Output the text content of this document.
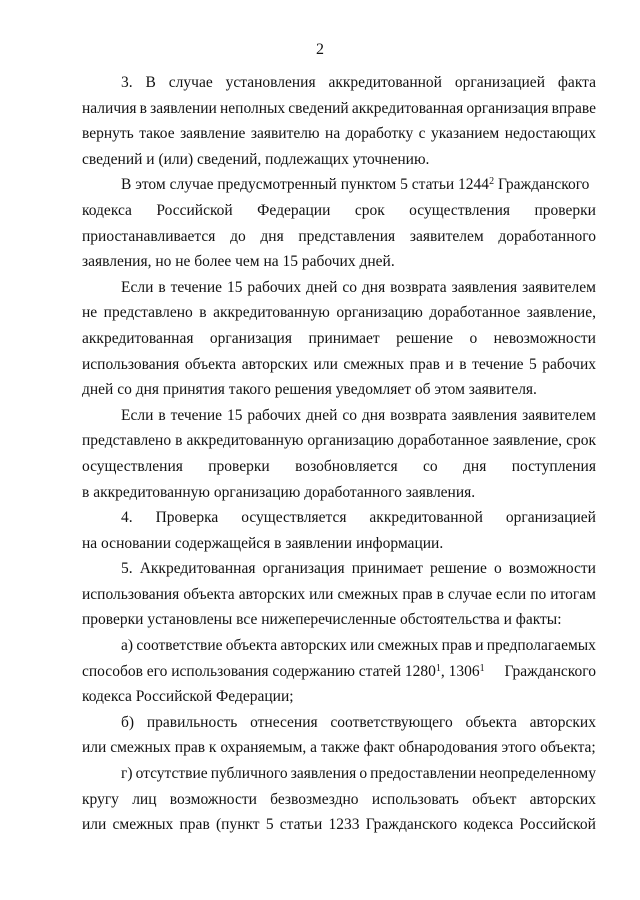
2
3. В случае установления аккредитованной организацией факта
наличия в заявлении неполных сведений аккредитованная организация вправе
вернуть такое заявление заявителю на доработку с указанием недостающих
сведений и (или) сведений, подлежащих уточнению.
В этом случае предусмотренный пунктом 5 статьи 1244$^2$ Гражданского
кодекса Российской Федерации срок осуществления проверки
приостанавливается до дня представления заявителем доработанного
заявления, но не более чем на 15 рабочих дней.
Если в течение 15 рабочих дней со дня возврата заявления заявителем
не представлено в аккредитованную организацию доработанное заявление,
аккредитованная организация принимает решение о невозможности
использования объекта авторских или смежных прав и в течение 5 рабочих
дней со дня принятия такого решения уведомляет об этом заявителя.
Если в течение 15 рабочих дней со дня возврата заявления заявителем
представлено в аккредитованную организацию доработанное заявление, срок
осуществления проверки возобновляется со дня поступления
в аккредитованную организацию доработанного заявления.
4. Проверка осуществляется аккредитованной организацией
на основании содержащейся в заявлении информации.
5. Аккредитованная организация принимает решение о возможности
использования объекта авторских или смежных прав в случае если по итогам
проверки установлены все нижеперечисленные обстоятельства и факты:
а) соответствие объекта авторских или смежных прав и предполагаемых
способов его использования содержанию статей 1280$^1$, 1306$^1$ Гражданского
кодекса Российской Федерации;
б) правильность отнесения соответствующего объекта авторских
или смежных прав к охраняемым, а также факт обнародования этого объекта;
г) отсутствие публичного заявления о предоставлении неопределенному
кругу лиц возможности безвозмездно использовать объект авторских
или смежных прав (пункт 5 статьи 1233 Гражданского кодекса Российской
